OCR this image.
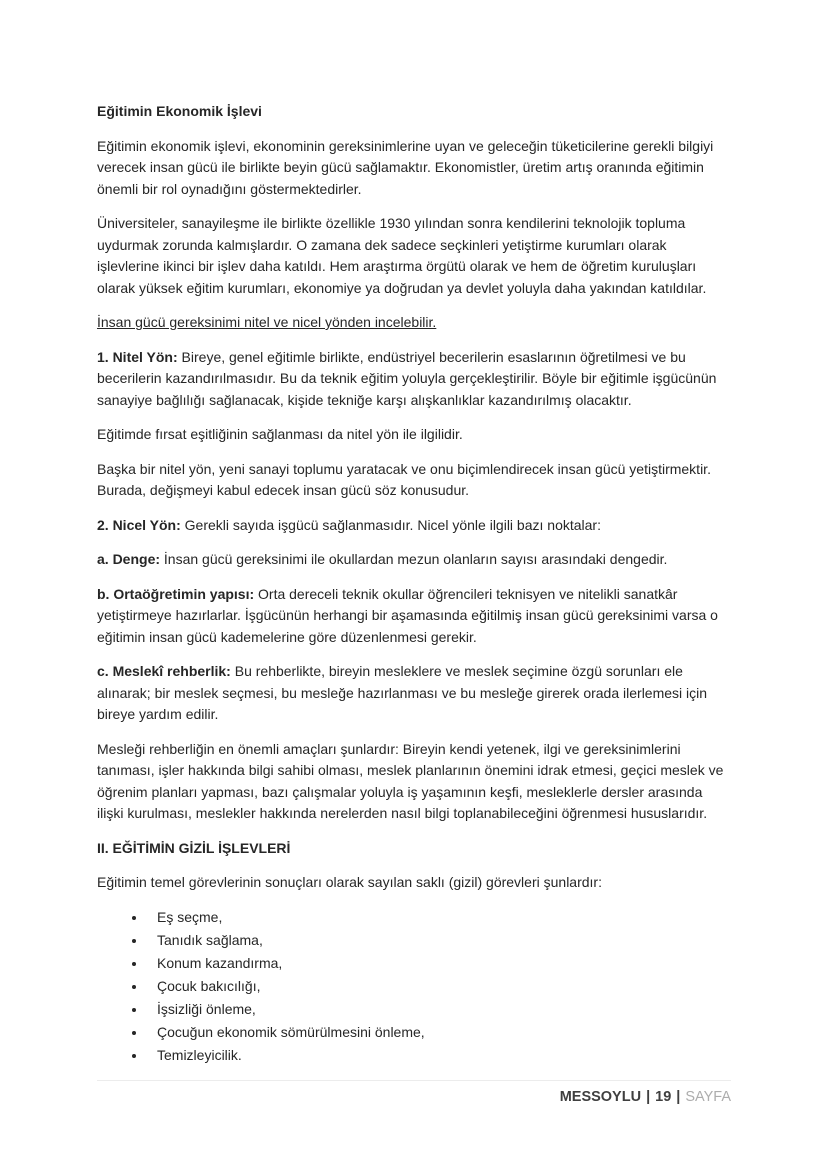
Eğitimin Ekonomik İşlevi

Eğitimin ekonomik işlevi, ekonominin gereksinimlerine uyan ve geleceğin tüketicilerine gerekli bilgiyi verecek insan gücü ile birlikte beyin gücü sağlamaktır. Ekonomistler, üretim artış oranında eğitimin önemli bir rol oynadığını göstermektedirler.

Üniversiteler, sanayileşme ile birlikte özellikle 1930 yılından sonra kendilerini teknolojik topluma uydurmak zorunda kalmışlardır. O zamana dek sadece seçkinleri yetiştirme kurumları olarak işlevlerine ikinci bir işlev daha katıldı. Hem araştırma örgütü olarak ve hem de öğretim kuruluşları olarak yüksek eğitim kurumları, ekonomiye ya doğrudan ya devlet yoluyla daha yakından katıldılar.

İnsan gücü gereksinimi nitel ve nicel yönden incelebilir.

1. Nitel Yön: Bireye, genel eğitimle birlikte, endüstriyel becerilerin esaslarının öğretilmesi ve bu becerilerin kazandırılmasıdır. Bu da teknik eğitim yoluyla gerçekleştirilir. Böyle bir eğitimle işgücünün sanayiye bağlılığı sağlanacak, kişide tekniğe karşı alışkanlıklar kazandırılmış olacaktır.

Eğitimde fırsat eşitliğinin sağlanması da nitel yön ile ilgilidir.

Başka bir nitel yön, yeni sanayi toplumu yaratacak ve onu biçimlendirecek insan gücü yetiştirmektir. Burada, değişmeyi kabul edecek insan gücü söz konusudur.

2. Nicel Yön: Gerekli sayıda işgücü sağlanmasıdır. Nicel yönle ilgili bazı noktalar:

a. Denge: İnsan gücü gereksinimi ile okullardan mezun olanların sayısı arasındaki dengedir.

b. Ortaöğretimin yapısı: Orta dereceli teknik okullar öğrencileri teknisyen ve nitelikli sanatkâr yetiştirmeye hazırlarlar. İşgücünün herhangi bir aşamasında eğitilmiş insan gücü gereksinimi varsa o eğitimin insan gücü kademelerine göre düzenlenmesi gerekir.

c. Meslekî rehberlik: Bu rehberlikte, bireyin mesleklere ve meslek seçimine özgü sorunları ele alınarak; bir meslek seçmesi, bu mesleğe hazırlanması ve bu mesleğe girerek orada ilerlemesi için bireye yardım edilir.

Mesleği rehberliğin en önemli amaçları şunlardır: Bireyin kendi yetenek, ilgi ve gereksinimlerini tanıması, işler hakkında bilgi sahibi olması, meslek planlarının önemini idrak etmesi, geçici meslek ve öğrenim planları yapması, bazı çalışmalar yoluyla iş yaşamının keşfi, mesleklerle dersler arasında ilişki kurulması, meslekler hakkında nerelerden nasıl bilgi toplanabileceğini öğrenmesi hususlarıdır.

II. EĞİTİMİN GİZİL İŞLEVLERİ

Eğitimin temel görevlerinin sonuçları olarak sayılan saklı (gizil) görevleri şunlardır:

• Eş seçme,
• Tanıdık sağlama,
• Konum kazandırma,
• Çocuk bakıcılığı,
• İşsizliği önleme,
• Çocuğun ekonomik sömürülmesini önleme,
• Temizleyicilik.
MESSOYLU | 19 | SAYFA
